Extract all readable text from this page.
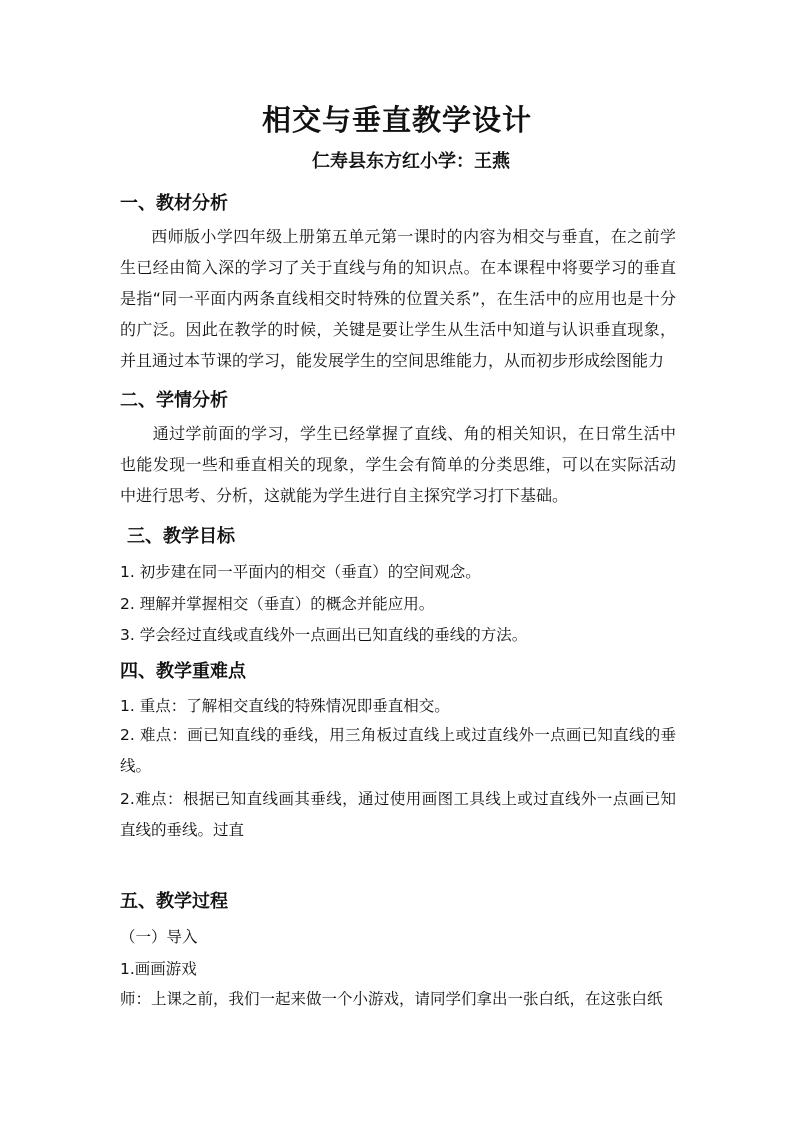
相交与垂直教学设计
仁寿县东方红小学：王燕
一、教材分析
西师版小学四年级上册第五单元第一课时的内容为相交与垂直，在之前学生已经由简入深的学习了关于直线与角的知识点。在本课程中将要学习的垂直是指“同一平面内两条直线相交时特殊的位置关系”，在生活中的应用也是十分的广泛。因此在教学的时候，关键是要让学生从生活中知道与认识垂直现象，并且通过本节课的学习，能发展学生的空间思维能力，从而初步形成绘图能力
二、学情分析
通过学前面的学习，学生已经掌握了直线、角的相关知识，在日常生活中也能发现一些和垂直相关的现象，学生会有简单的分类思维，可以在实际活动中进行思考、分析，这就能为学生进行自主探究学习打下基础。
三、教学目标
1. 初步建在同一平面内的相交（垂直）的空间观念。
2. 理解并掌握相交（垂直）的概念并能应用。
3. 学会经过直线或直线外一点画出已知直线的垂线的方法。
四、教学重难点
1. 重点：了解相交直线的特殊情况即垂直相交。
2. 难点：画已知直线的垂线，用三角板过直线上或过直线外一点画已知直线的垂线。
2.难点：根据已知直线画其垂线，通过使用画图工具线上或过直线外一点画已知直线的垂线。过直
五、教学过程
（一）导入
1.画画游戏
师：上课之前，我们一起来做一个小游戏，请同学们拿出一张白纸，在这张白纸
